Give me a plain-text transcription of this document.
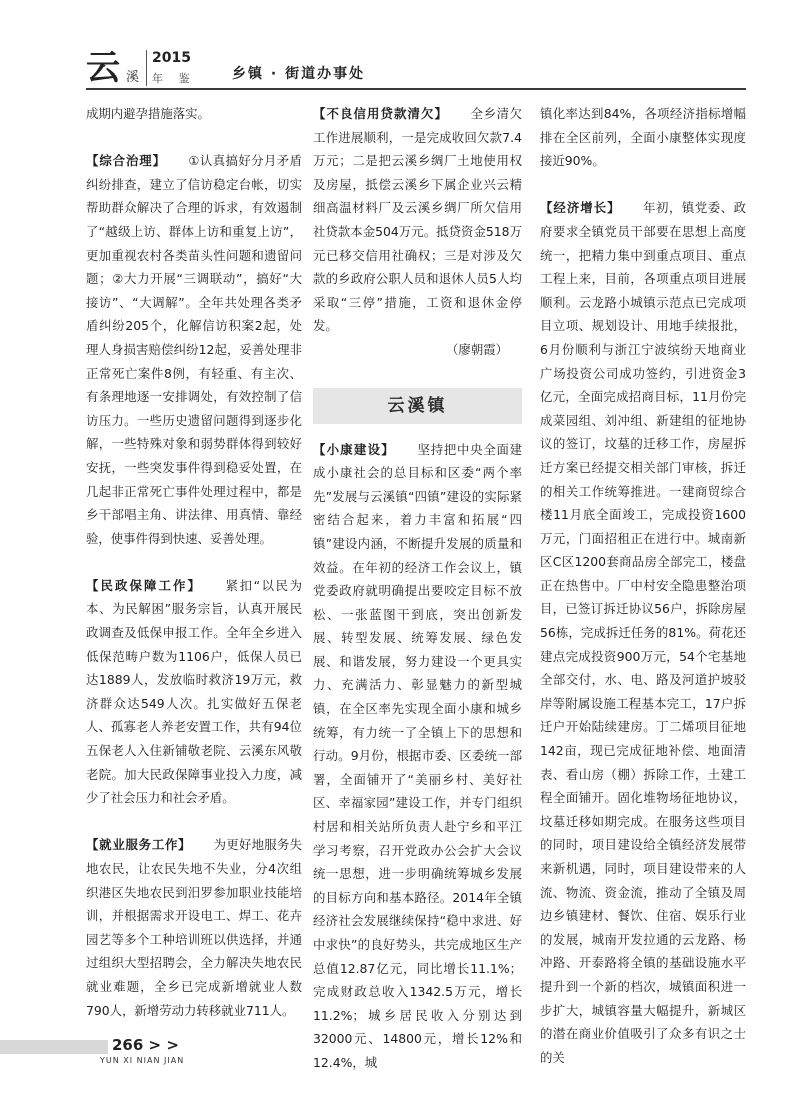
云 溪
2015
年 鉴	乡镇 · 街道办事处

成期内避孕措施落实。

【综合治理】 ①认真搞好分月矛盾纠纷排查，建立了信访稳定台帐，切实帮助群众解决了合理的诉求，有效遏制了“越级上访、群体上访和重复上访”，更加重视农村各类苗头性问题和遗留问题；②大力开展“三调联动”，搞好“大接访”、“大调解”。全年共处理各类矛盾纠纷205个，化解信访积案2起，处理人身损害赔偿纠纷12起，妥善处理非正常死亡案件8例，有轻重、有主次、有条理地逐一安排调处，有效控制了信访压力。一些历史遗留问题得到逐步化解，一些特殊对象和弱势群体得到较好安抚，一些突发事件得到稳妥处置，在几起非正常死亡事件处理过程中，都是乡干部唱主角、讲法律、用真情、靠经验，使事件得到快速、妥善处理。

【民政保障工作】 紧扣“以民为本、为民解困”服务宗旨，认真开展民政调查及低保申报工作。全年全乡进入低保范畴户数为1106户，低保人员已达1889人，发放临时救济19万元，救济群众达549人次。扎实做好五保老人、孤寡老人养老安置工作，共有94位五保老人入住新铺敬老院、云溪东风敬老院。加大民政保障事业投入力度，减少了社会压力和社会矛盾。

【就业服务工作】 为更好地服务失地农民，让农民失地不失业，分4次组织港区失地农民到汨罗参加职业技能培训，并根据需求开设电工、焊工、花卉园艺等多个工种培训班以供选择，并通过组织大型招聘会，全力解决失地农民就业难题，全乡已完成新增就业人数790人，新增劳动力转移就业711人。

【不良信用贷款清欠】 全乡清欠工作进展顺利，一是完成收回欠款7.4万元；二是把云溪乡绸厂土地使用权及房屋，抵偿云溪乡下属企业兴云精细高温材料厂及云溪乡绸厂所欠信用社贷款本金504万元。抵贷资金518万元已移交信用社确权；三是对涉及欠款的乡政府公职人员和退休人员5人均采取“三停”措施，工资和退休金停发。

（廖朝霞）

云溪镇

【小康建设】 坚持把中央全面建成小康社会的总目标和区委“两个率先”发展与云溪镇“四镇”建设的实际紧密结合起来，着力丰富和拓展“四镇”建设内涵，不断提升发展的质量和效益。在年初的经济工作会议上，镇党委政府就明确提出要咬定目标不放松、一张蓝图干到底，突出创新发展、转型发展、统筹发展、绿色发展、和谐发展，努力建设一个更具实力、充满活力、彰显魅力的新型城镇，在全区率先实现全面小康和城乡统筹，有力统一了全镇上下的思想和行动。9月份，根据市委、区委统一部署，全面铺开了“美丽乡村、美好社区、幸福家园”建设工作，并专门组织村居和相关站所负责人赴宁乡和平江学习考察，召开党政办公会扩大会议统一思想，进一步明确统筹城乡发展的目标方向和基本路径。2014年全镇经济社会发展继续保持“稳中求进、好中求快”的良好势头，共完成地区生产总值12.87亿元，同比增长11.1%；完成财政总收入1342.5万元，增长11.2%；城乡居民收入分别达到32000元、14800元，增长12%和12.4%，城

镇化率达到84%，各项经济指标增幅排在全区前列，全面小康整体实现度接近90%。

【经济增长】 年初，镇党委、政府要求全镇党员干部要在思想上高度统一，把精力集中到重点项目、重点工程上来，目前，各项重点项目进展顺利。云龙路小城镇示范点已完成项目立项、规划设计、用地手续报批，6月份顺利与浙江宁波缤纷天地商业广场投资公司成功签约，引进资金3亿元，全面完成招商目标，11月份完成菜园组、刘冲组、新建组的征地协议的签订，坟墓的迁移工作，房屋拆迁方案已经提交相关部门审核，拆迁的相关工作统筹推进。一建商贸综合楼11月底全面竣工，完成投资1600万元，门面招租正在进行中。城南新区C区1200套商品房全部完工，楼盘正在热售中。厂中村安全隐患整治项目，已签订拆迁协议56户，拆除房屋56栋，完成拆迁任务的81%。荷花还建点完成投资900万元，54个宅基地全部交付，水、电、路及河道护坡驳岸等附属设施工程基本完工，17户拆迁户开始陆续建房。丁二烯项目征地142亩，现已完成征地补偿、地面清表、看山房（棚）拆除工作，土建工程全面铺开。固化堆物场征地协议，坟墓迁移如期完成。在服务这些项目的同时，项目建设给全镇经济发展带来新机遇，同时，项目建设带来的人流、物流、资金流，推动了全镇及周边乡镇建材、餐饮、住宿、娱乐行业的发展，城南开发拉通的云龙路、杨冲路、开泰路将全镇的基础设施水平提升到一个新的档次，城镇面积进一步扩大，城镇容量大幅提升，新城区的潜在商业价值吸引了众多有识之士的关

266 > >
YUN XI NIAN JIAN
